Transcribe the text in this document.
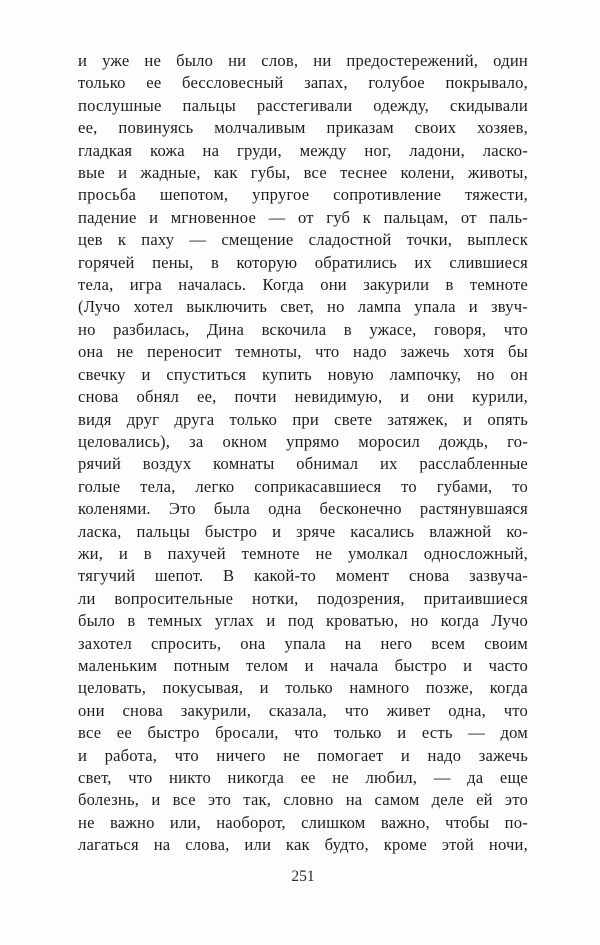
и уже не было ни слов, ни предостережений, один
только ее бессловесный запах, голубое покрывало,
послушные пальцы расстегивали одежду, скидывали
ее, повинуясь молчаливым приказам своих хозяев,
гладкая кожа на груди, между ног, ладони, ласко-
вые и жадные, как губы, все теснее колени, животы,
просьба шепотом, упругое сопротивление тяжести,
падение и мгновенное — от губ к пальцам, от паль-
цев к паху — смещение сладостной точки, выплеск
горячей пены, в которую обратились их слившиеся
тела, игра началась. Когда они закурили в темноте
(Лучо хотел выключить свет, но лампа упала и звуч-
но разбилась, Дина вскочила в ужасе, говоря, что
она не переносит темноты, что надо зажечь хотя бы
свечку и спуститься купить новую лампочку, но он
снова обнял ее, почти невидимую, и они курили,
видя друг друга только при свете затяжек, и опять
целовались), за окном упрямо моросил дождь, го-
рячий воздух комнаты обнимал их расслабленные
голые тела, легко соприкасавшиеся то губами, то
коленями. Это была одна бесконечно растянувшаяся
ласка, пальцы быстро и зряче касались влажной ко-
жи, и в пахучей темноте не умолкал односложный,
тягучий шепот. В какой-то момент снова зазвуча-
ли вопросительные нотки, подозрения, притаившиеся
было в темных углах и под кроватью, но когда Лучо
захотел спросить, она упала на него всем своим
маленьким потным телом и начала быстро и часто
целовать, покусывая, и только намного позже, когда
они снова закурили, сказала, что живет одна, что
все ее быстро бросали, что только и есть — дом
и работа, что ничего не помогает и надо зажечь
свет, что никто никогда ее не любил, — да еще
болезнь, и все это так, словно на самом деле ей это
не важно или, наоборот, слишком важно, чтобы по-
лагаться на слова, или как будто, кроме этой ночи,
251
